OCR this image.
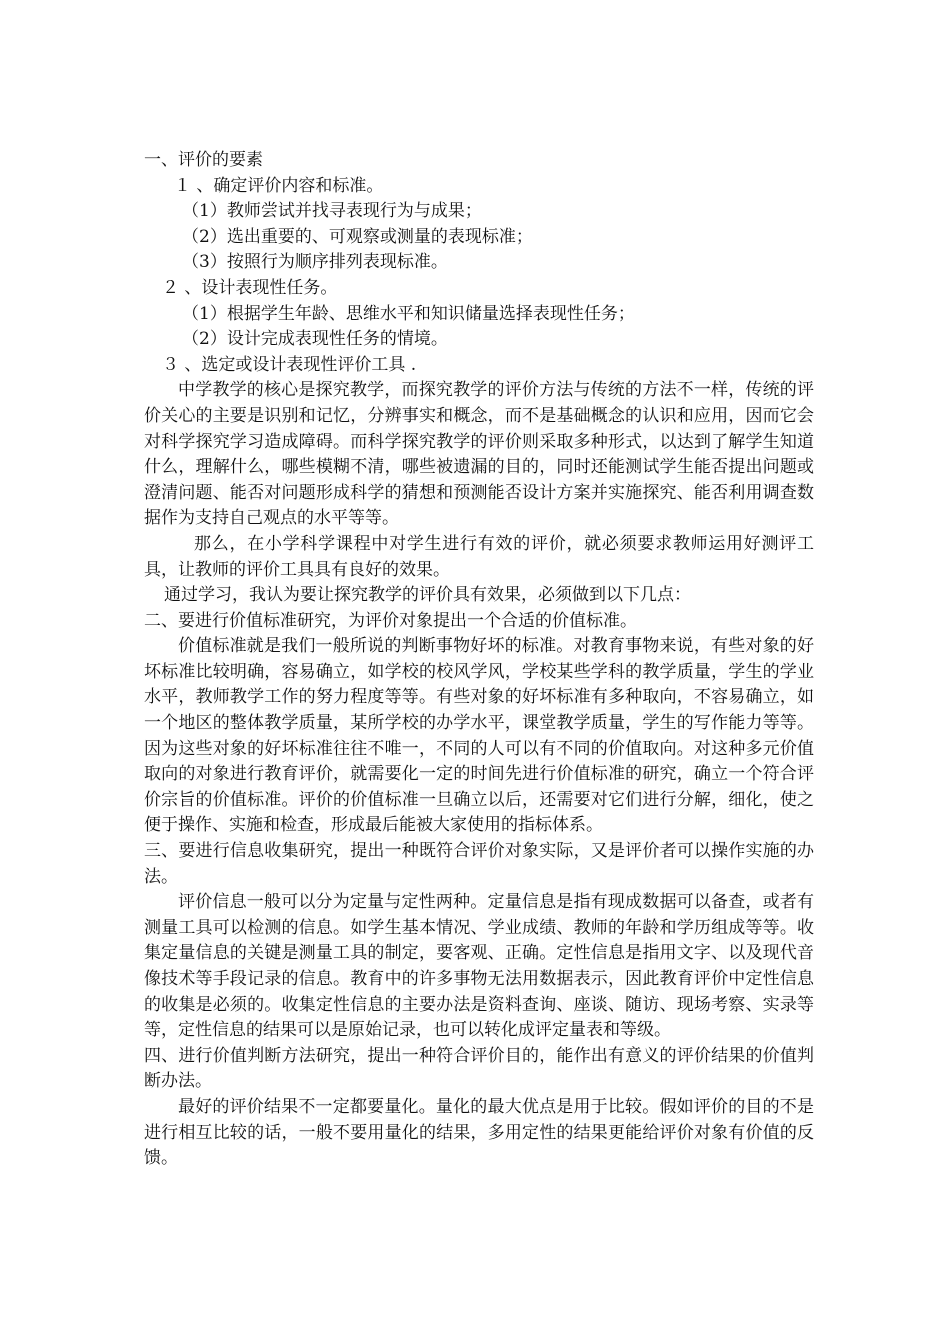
一、评价的要素
１ 、确定评价内容和标准。
（1）教师尝试并找寻表现行为与成果；
（2）选出重要的、可观察或测量的表现标准；
（3）按照行为顺序排列表现标准。
２ 、设计表现性任务。
（1）根据学生年龄、思维水平和知识储量选择表现性任务；
（2）设计完成表现性任务的情境。
３ 、选定或设计表现性评价工具 .

中学教学的核心是探究教学，而探究教学的评价方法与传统的方法不一样，传统的评价关心的主要是识别和记忆，分辨事实和概念，而不是基础概念的认识和应用，因而它会对科学探究学习造成障碍。而科学探究教学的评价则采取多种形式，以达到了解学生知道什么，理解什么，哪些模糊不清，哪些被遗漏的目的，同时还能测试学生能否提出问题或澄清问题、能否对问题形成科学的猜想和预测能否设计方案并实施探究、能否利用调查数据作为支持自己观点的水平等等。

那么，在小学科学课程中对学生进行有效的评价，就必须要求教师运用好测评工具，让教师的评价工具具有良好的效果。

通过学习，我认为要让探究教学的评价具有效果，必须做到以下几点：
二、要进行价值标准研究，为评价对象提出一个合适的价值标准。

价值标准就是我们一般所说的判断事物好坏的标准。对教育事物来说，有些对象的好坏标准比较明确，容易确立，如学校的校风学风，学校某些学科的教学质量，学生的学业水平，教师教学工作的努力程度等等。有些对象的好坏标准有多种取向，不容易确立，如一个地区的整体教学质量，某所学校的办学水平，课堂教学质量，学生的写作能力等等。因为这些对象的好坏标准往往不唯一，不同的人可以有不同的价值取向。对这种多元价值取向的对象进行教育评价，就需要化一定的时间先进行价值标准的研究，确立一个符合评价宗旨的价值标准。评价的价值标准一旦确立以后，还需要对它们进行分解，细化，使之便于操作、实施和检查，形成最后能被大家使用的指标体系。

三、要进行信息收集研究，提出一种既符合评价对象实际，又是评价者可以操作实施的办法。

评价信息一般可以分为定量与定性两种。定量信息是指有现成数据可以备查，或者有测量工具可以检测的信息。如学生基本情况、学业成绩、教师的年龄和学历组成等等。收集定量信息的关键是测量工具的制定，要客观、正确。定性信息是指用文字、以及现代音像技术等手段记录的信息。教育中的许多事物无法用数据表示，因此教育评价中定性信息的收集是必须的。收集定性信息的主要办法是资料查询、座谈、随访、现场考察、实录等等，定性信息的结果可以是原始记录，也可以转化成评定量表和等级。

四、进行价值判断方法研究，提出一种符合评价目的，能作出有意义的评价结果的价值判断办法。

最好的评价结果不一定都要量化。量化的最大优点是用于比较。假如评价的目的不是进行相互比较的话，一般不要用量化的结果，多用定性的结果更能给评价对象有价值的反馈。
